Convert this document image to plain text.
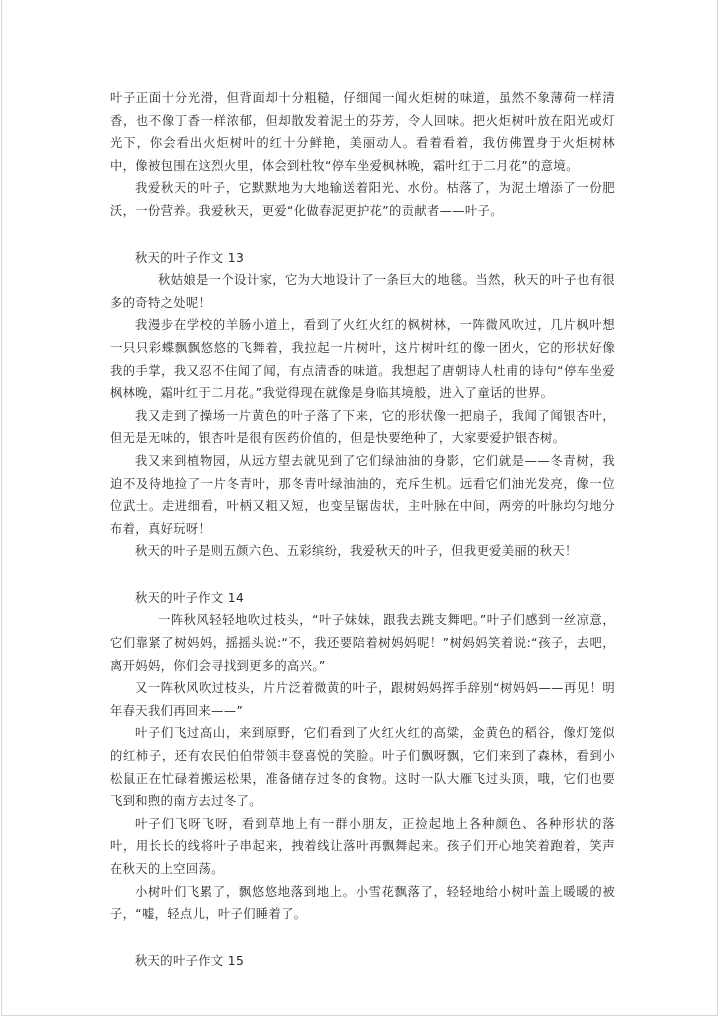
叶子正面十分光滑，但背面却十分粗糙，仔细闻一闻火炬树的味道，虽然不象薄荷一样清香，也不像丁香一样浓郁，但却散发着泥土的芬芳，令人回味。把火炬树叶放在阳光或灯光下，你会看出火炬树叶的红十分鲜艳，美丽动人。看着看着，我仿佛置身于火炬树林中，像被包围在这烈火里，体会到杜牧“停车坐爱枫林晚，霜叶红于二月花”的意境。

我爱秋天的叶子，它默默地为大地输送着阳光、水份。枯落了，为泥土增添了一份肥沃，一份营养。我爱秋天，更爱“化做春泥更护花”的贡献者——叶子。

秋天的叶子作文 13

秋姑娘是一个设计家，它为大地设计了一条巨大的地毯。当然，秋天的叶子也有很多的奇特之处呢！

我漫步在学校的羊肠小道上，看到了火红火红的枫树林，一阵微风吹过，几片枫叶想一只只彩蝶飘飘悠悠的飞舞着，我拉起一片树叶，这片树叶红的像一团火，它的形状好像我的手掌，我又忍不住闻了闻，有点清香的味道。我想起了唐朝诗人杜甫的诗句“停车坐爱枫林晚，霜叶红于二月花。”我觉得现在就像是身临其境般，进入了童话的世界。

我又走到了操场一片黄色的叶子落了下来，它的形状像一把扇子，我闻了闻银杏叶，但无是无味的，银杏叶是很有医药价值的，但是快要绝种了，大家要爱护银杏树。

我又来到植物园，从远方望去就见到了它们绿油油的身影，它们就是——冬青树，我迫不及待地捡了一片冬青叶，那冬青叶绿油油的，充斥生机。远看它们油光发亮，像一位位武士。走进细看，叶柄又粗又短，也变呈锯齿状，主叶脉在中间，两旁的叶脉均匀地分布着，真好玩呀！

秋天的叶子是则五颜六色、五彩缤纷，我爱秋天的叶子，但我更爱美丽的秋天！

秋天的叶子作文 14

一阵秋风轻轻地吹过枝头，“叶子妹妹，跟我去跳支舞吧。”叶子们感到一丝凉意，它们靠紧了树妈妈，摇摇头说:“不，我还要陪着树妈妈呢！”树妈妈笑着说:“孩子，去吧，离开妈妈，你们会寻找到更多的高兴。”

又一阵秋风吹过枝头，片片泛着微黄的叶子，跟树妈妈挥手辞别“树妈妈——再见！明年春天我们再回来——”

叶子们飞过高山，来到原野，它们看到了火红火红的高粱，金黄色的稻谷，像灯笼似的红柿子，还有农民伯伯带领丰登喜悦的笑脸。叶子们飘呀飘，它们来到了森林，看到小松鼠正在忙碌着搬运松果，准备储存过冬的食物。这时一队大雁飞过头顶，哦，它们也要飞到和煦的南方去过冬了。

叶子们飞呀飞呀，看到草地上有一群小朋友，正捡起地上各种颜色、各种形状的落叶，用长长的线将叶子串起来，拽着线让落叶再飘舞起来。孩子们开心地笑着跑着，笑声在秋天的上空回荡。

小树叶们飞累了，飘悠悠地落到地上。小雪花飘落了，轻轻地给小树叶盖上暖暖的被子，“嘘，轻点儿，叶子们睡着了。

秋天的叶子作文 15
